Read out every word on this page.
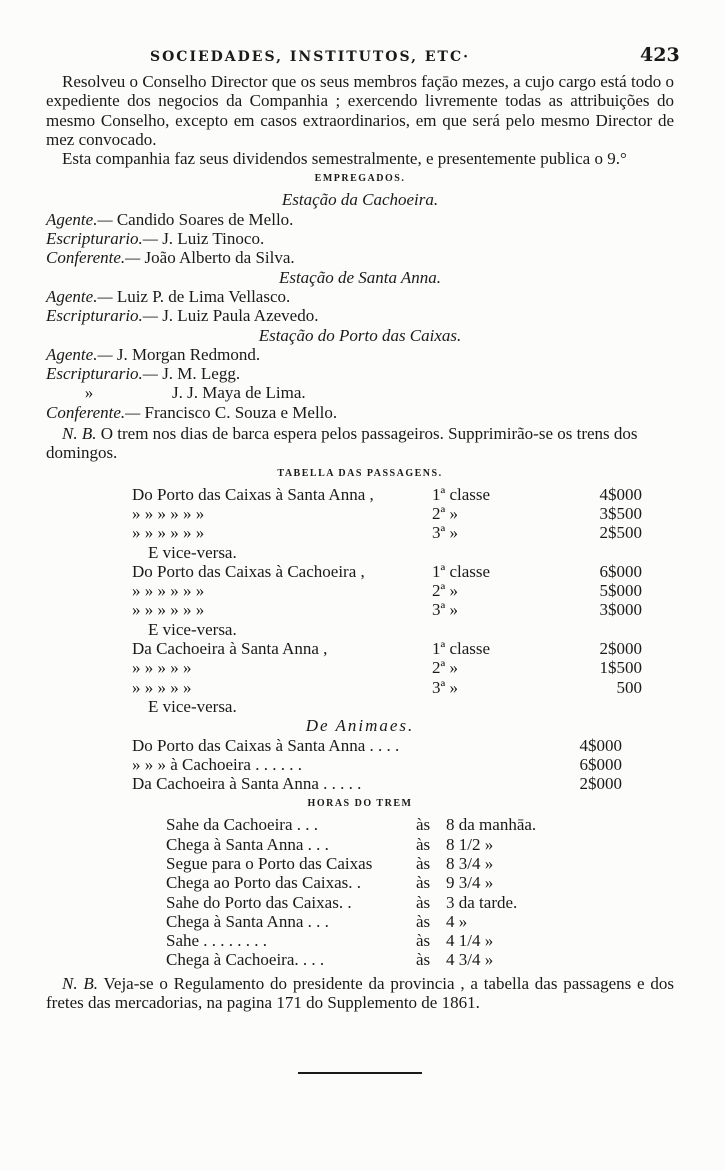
SOCIEDADES, INSTITUTOS, ETC·	423

Resolveu o Conselho Director que os seus membros façāo mezes, a cujo cargo está todo o expediente dos negocios da Companhia ; exercendo livremente todas as attribuições do mesmo Conselho, excepto em casos extraordinarios, em que será pelo mesmo Director de mez convocado.

Esta companhia faz seus dividendos semestralmente, e presentemente publica o 9.°

EMPREGADOS.

Estação da Cachoeira.

Agente.— Candido Soares de Mello.

Escripturario.— J. Luiz Tinoco.

Conferente.— João Alberto da Silva.

Estação de Santa Anna.

Agente.— Luiz P. de Lima Vellasco.

Escripturario.— J. Luiz Paula Azevedo.

Estação do Porto das Caixas.

Agente.— J. Morgan Redmond.

Escripturario.— J. M. Legg.

»	J. J. Maya de Lima.

Conferente.— Francisco C. Souza e Mello.

N. B. O trem nos dias de barca espera pelos passageiros. Supprimirão-se os trens dos domingos.

TABELLA DAS PASSAGENS.
Do Porto das Caixas à Santa Anna ,	1ª classe	4$000
» » » » » »	2ª »	3$500
» » » » » »	3ª »	2$500
E vice-versa.		
Do Porto das Caixas à Cachoeira ,	1ª classe	6$000
» » » » » »	2ª »	5$000
» » » » » »	3ª »	3$000
E vice-versa.		
Da Cachoeira à Santa Anna ,	1ª classe	2$000
» » » » »	2ª »	1$500
» » » » »	3ª »	500
E vice-versa.		

De Animaes.

Do Porto das Caixas à Santa Anna . . . .	4$000
» » » à Cachoeira . . . . . .	6$000
Da Cachoeira à Santa Anna . . . . .	2$000
HORAS DO TREM
Sahe da Cachoeira . . .	às	8 da manhāa.
Chega à Santa Anna . . .	às	8 1/2 »
Segue para o Porto das Caixas	às	8 3/4 »
Chega ao Porto das Caixas. .	às	9 3/4 »
Sahe do Porto das Caixas. .	às	3 da tarde.
Chega à Santa Anna . . .	às	4 »
Sahe . . . . . . . .	às	4 1/4 »
Chega à Cachoeira. . . .	às	4 3/4 »

N. B. Veja-se o Regulamento do presidente da provincia , a tabella das passagens e dos fretes das mercadorias, na pagina 171 do Supplemento de 1861.
